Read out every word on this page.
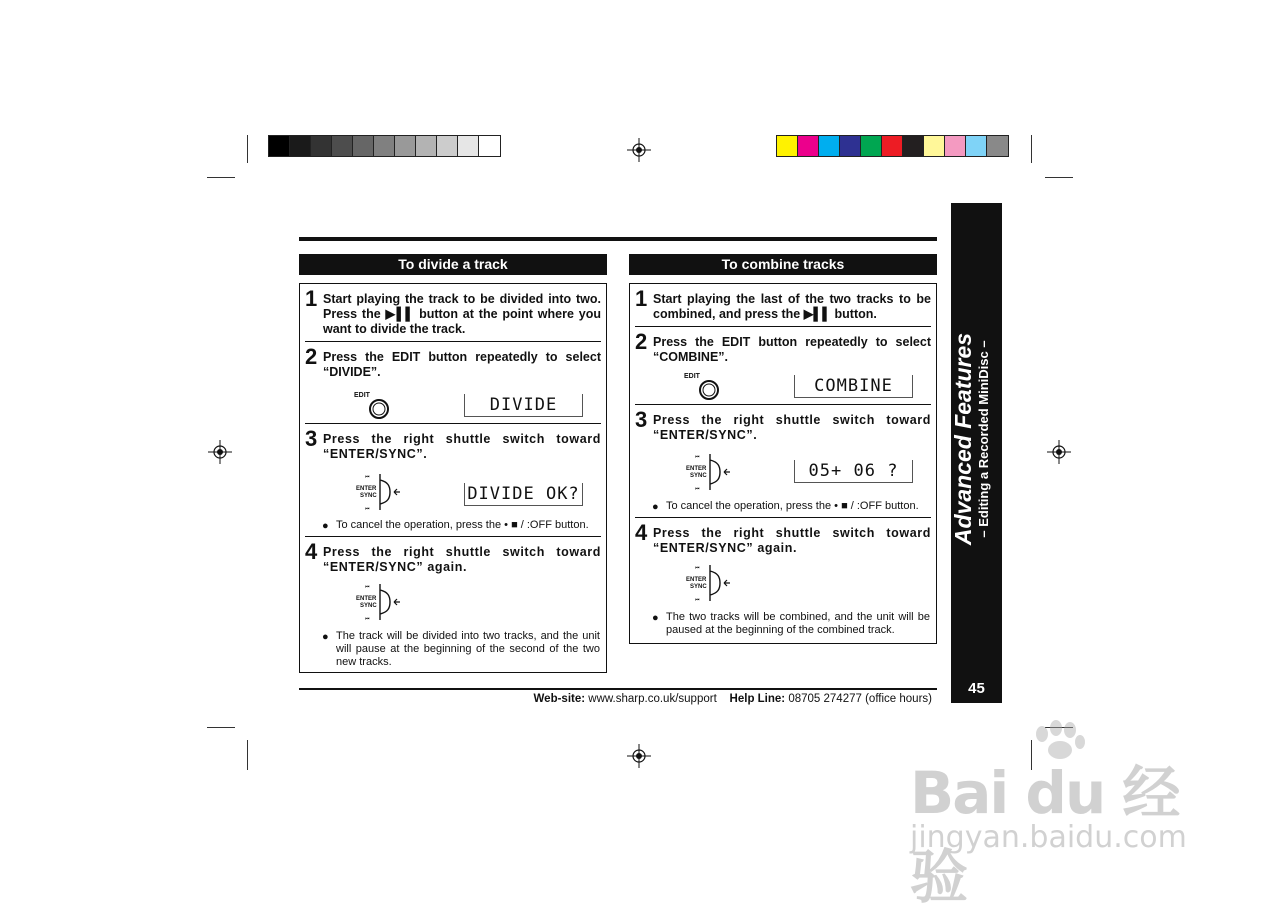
To divide a track
1 Start playing the track to be divided into two. Press the ▶▌▌ button at the point where you want to divide the track.
2 Press the EDIT button repeatedly to select “DIVIDE”.
EDIT	DIVIDE
3 Press the right shuttle switch toward “ENTER/SYNC”.
⏮
⏮
ENTER
SYNC	DIVIDE OK?
● To cancel the operation, press the • ■ / :OFF button.
4 Press the right shuttle switch toward “ENTER/SYNC” again.
⏮
⏮
ENTER
SYNC
● The track will be divided into two tracks, and the unit will pause at the beginning of the second of the two new tracks.
To combine tracks
1 Start playing the last of the two tracks to be combined, and press the ▶▌▌ button.
2 Press the EDIT button repeatedly to select “COMBINE”.
EDIT	COMBINE
3 Press the right shuttle switch toward “ENTER/SYNC”.
⏮
⏮
ENTER
SYNC	05+ 06 ?
● To cancel the operation, press the • ■ / :OFF button.
4 Press the right shuttle switch toward “ENTER/SYNC” again.
⏮
⏮
ENTER
SYNC
● The two tracks will be combined, and the unit will be paused at the beginning of the combined track.
Web-site: www.sharp.co.uk/support Help Line: 08705 274277 (office hours)
Advanced Features – Editing a Recorded MiniDisc –
45
Bai du 经验
jingyan.baidu.com
